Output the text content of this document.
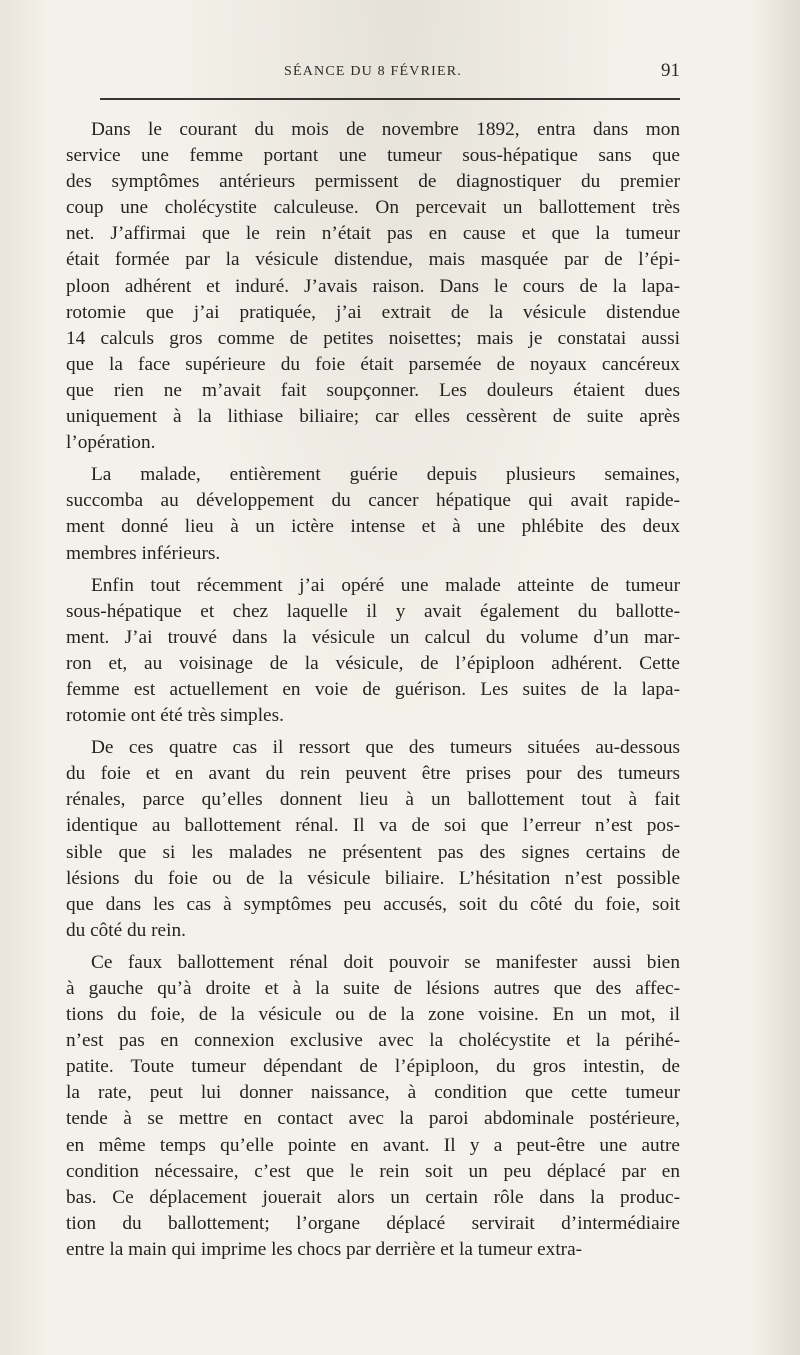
SÉANCE DU 8 FÉVRIER.	91
Dans le courant du mois de novembre 1892, entra dans mon
service une femme portant une tumeur sous-hépatique sans que
des symptômes antérieurs permissent de diagnostiquer du premier
coup une cholécystite calculeuse. On percevait un ballottement très
net. J’affirmai que le rein n’était pas en cause et que la tumeur
était formée par la vésicule distendue, mais masquée par de l’épi-
ploon adhérent et induré. J’avais raison. Dans le cours de la lapa-
rotomie que j’ai pratiquée, j’ai extrait de la vésicule distendue
14 calculs gros comme de petites noisettes; mais je constatai aussi
que la face supérieure du foie était parsemée de noyaux cancéreux
que rien ne m’avait fait soupçonner. Les douleurs étaient dues
uniquement à la lithiase biliaire; car elles cessèrent de suite après
l’opération.
La malade, entièrement guérie depuis plusieurs semaines,
succomba au développement du cancer hépatique qui avait rapide-
ment donné lieu à un ictère intense et à une phlébite des deux
membres inférieurs.
Enfin tout récemment j’ai opéré une malade atteinte de tumeur
sous-hépatique et chez laquelle il y avait également du ballotte-
ment. J’ai trouvé dans la vésicule un calcul du volume d’un mar-
ron et, au voisinage de la vésicule, de l’épiploon adhérent. Cette
femme est actuellement en voie de guérison. Les suites de la lapa-
rotomie ont été très simples.
De ces quatre cas il ressort que des tumeurs situées au-dessous
du foie et en avant du rein peuvent être prises pour des tumeurs
rénales, parce qu’elles donnent lieu à un ballottement tout à fait
identique au ballottement rénal. Il va de soi que l’erreur n’est pos-
sible que si les malades ne présentent pas des signes certains de
lésions du foie ou de la vésicule biliaire. L’hésitation n’est possible
que dans les cas à symptômes peu accusés, soit du côté du foie, soit
du côté du rein.
Ce faux ballottement rénal doit pouvoir se manifester aussi bien
à gauche qu’à droite et à la suite de lésions autres que des affec-
tions du foie, de la vésicule ou de la zone voisine. En un mot, il
n’est pas en connexion exclusive avec la cholécystite et la périhé-
patite. Toute tumeur dépendant de l’épiploon, du gros intestin, de
la rate, peut lui donner naissance, à condition que cette tumeur
tende à se mettre en contact avec la paroi abdominale postérieure,
en même temps qu’elle pointe en avant. Il y a peut-être une autre
condition nécessaire, c’est que le rein soit un peu déplacé par en
bas. Ce déplacement jouerait alors un certain rôle dans la produc-
tion du ballottement; l’organe déplacé servirait d’intermédiaire
entre la main qui imprime les chocs par derrière et la tumeur extra-
